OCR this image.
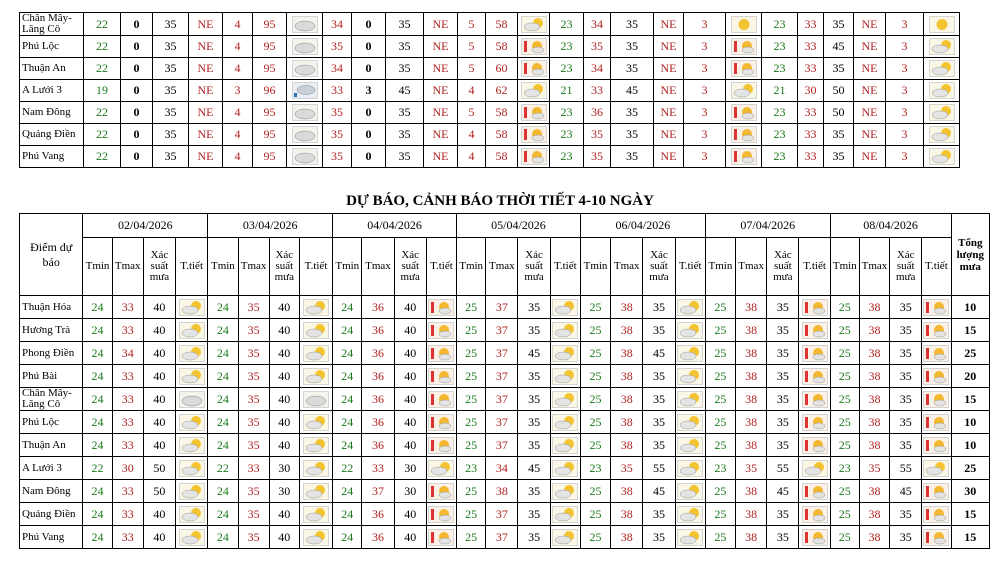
Chân Mây-Lăng Cô	22	0	35	NE	4	95		34	0	35	NE	5	58		23	34	35	NE	3		23	33	35	NE	3	

Phú Lộc	22	0	35	NE	4	95		35	0	35	NE	5	58		23	35	35	NE	3		23	33	45	NE	3	

Thuận An	22	0	35	NE	4	95		34	0	35	NE	5	60		23	34	35	NE	3		23	33	35	NE	3	

A Lưới 3	19	0	35	NE	3	96		33	3	45	NE	4	62		21	33	45	NE	3		21	30	50	NE	3	

Nam Đông	22	0	35	NE	4	95		35	0	35	NE	5	58		23	36	35	NE	3		23	33	50	NE	3	

Quảng Điền	22	0	35	NE	4	95		35	0	35	NE	4	58		23	35	35	NE	3		23	33	35	NE	3	

Phú Vang	22	0	35	NE	4	95		35	0	35	NE	4	58		23	35	35	NE	3		23	33	35	NE	3	
DỰ BÁO, CẢNH BÁO THỜI TIẾT 4-10 NGÀY
Điểm dự báo	02/04/2026				03/04/2026				04/04/2026				05/04/2026				06/04/2026				07/04/2026				08/04/2026				Tổng lượng mưa
	Tmin	Tmax	Xác suất mưa	T.tiết	Tmin	Tmax	Xác suất mưa	T.tiết	Tmin	Tmax	Xác suất mưa	T.tiết	Tmin	Tmax	Xác suất mưa	T.tiết	Tmin	Tmax	Xác suất mưa	T.tiết	Tmin	Tmax	Xác suất mưa	T.tiết	Tmin	Tmax	Xác suất mưa	T.tiết	
Thuận Hóa	24	33	40		24	35	40		24	36	40		25	37	35		25	38	35		25	38	35		25	38	35		10
Hương Trà	24	33	40		24	35	40		24	36	40		25	37	35		25	38	35		25	38	35		25	38	35		15
Phong Điền	24	34	40		24	35	40		24	36	40		25	37	45		25	38	45		25	38	35		25	38	35		25
Phú Bài	24	33	40		24	35	40		24	36	40		25	37	35		25	38	35		25	38	35		25	38	35		20
Chân Mây-Lăng Cô	24	33	40		24	35	40		24	36	40		25	37	35		25	38	35		25	38	35		25	38	35		15
Phú Lộc	24	33	40		24	35	40		24	36	40		25	37	35		25	38	35		25	38	35		25	38	35		10
Thuận An	24	33	40		24	35	40		24	36	40		25	37	35		25	38	35		25	38	35		25	38	35		10
A Lưới 3	22	30	50		22	33	30		22	33	30		23	34	45		23	35	55		23	35	55		23	35	55		25
Nam Đông	24	33	50		24	35	30		24	37	30		25	38	35		25	38	45		25	38	45		25	38	45		30
Quảng Điền	24	33	40		24	35	40		24	36	40		25	37	35		25	38	35		25	38	35		25	38	35		15
Phú Vang	24	33	40		24	35	40		24	36	40		25	37	35		25	38	35		25	38	35		25	38	35		15
